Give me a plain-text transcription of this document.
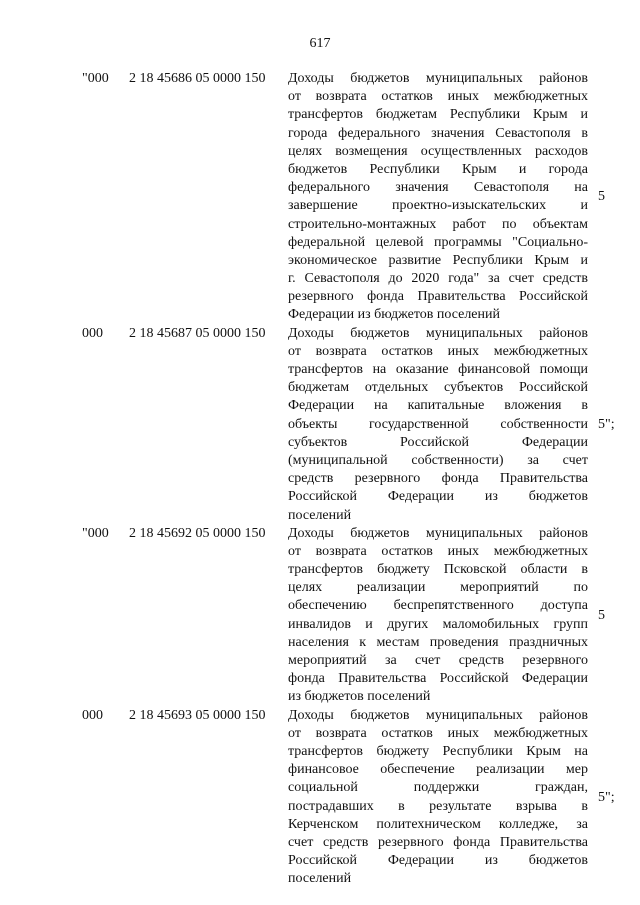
617
"000 2 18 45686 05 0000 150 Доходы бюджетов муниципальных районов
от возврата остатков иных межбюджетных
трансфертов бюджетам Республики Крым и
города федерального значения Севастополя в
целях возмещения осуществленных расходов
бюджетов Республики Крым и города
федерального значения Севастополя на
завершение проектно-изыскательских и
строительно-монтажных работ по объектам
федеральной целевой программы "Социально-
экономическое развитие Республики Крым и
г. Севастополя до 2020 года" за счет средств
резервного фонда Правительства Российской
Федерации из бюджетов поселений
5
000 2 18 45687 05 0000 150 Доходы бюджетов муниципальных районов
от возврата остатков иных межбюджетных
трансфертов на оказание финансовой помощи
бюджетам отдельных субъектов Российской
Федерации на капитальные вложения в
объекты государственной собственности
субъектов Российской Федерации
(муниципальной собственности) за счет
средств резервного фонда Правительства
Российской Федерации из бюджетов
поселений
5";
"000 2 18 45692 05 0000 150 Доходы бюджетов муниципальных районов
от возврата остатков иных межбюджетных
трансфертов бюджету Псковской области в
целях реализации мероприятий по
обеспечению беспрепятственного доступа
инвалидов и других маломобильных групп
населения к местам проведения праздничных
мероприятий за счет средств резервного
фонда Правительства Российской Федерации
из бюджетов поселений
5
000 2 18 45693 05 0000 150 Доходы бюджетов муниципальных районов
от возврата остатков иных межбюджетных
трансфертов бюджету Республики Крым на
финансовое обеспечение реализации мер
социальной поддержки граждан,
пострадавших в результате взрыва в
Керченском политехническом колледже, за
счет средств резервного фонда Правительства
Российской Федерации из бюджетов
поселений
5";
